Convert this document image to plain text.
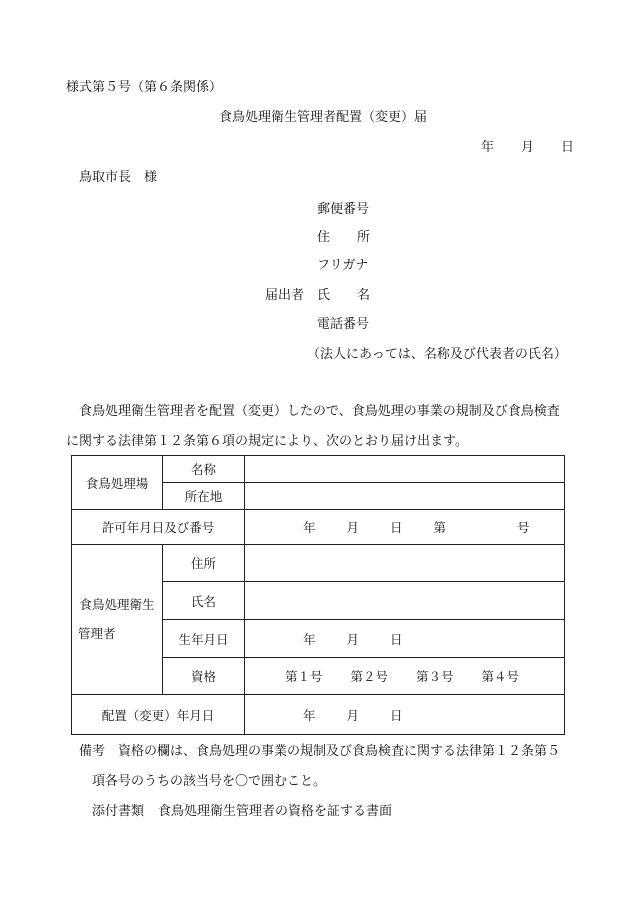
様式第５号（第６条関係）
食鳥処理衛生管理者配置（変更）届
年 月 日
鳥取市長　様
郵便番号
住 所
フリガナ
届出者 氏 名
電話番号
（法人にあっては、名称及び代表者の氏名）
食鳥処理衛生管理者を配置（変更）したので、食鳥処理の事業の規制及び食鳥検査
に関する法律第１２条第６項の規定により、次のとおり届け出ます。
食鳥処理場	名称	
	所在地	
許可年月日及び番号		年 月 日 第 号
食鳥処理衛生
管理者	住所	
	氏名	
	生年月日	年 月 日
	資格	第１号 第２号 第３号 第４号
配置（変更）年月日		年 月 日
備考 資格の欄は、食鳥処理の事業の規制及び食鳥検査に関する法律第１２条第５
項各号のうちの該当号を〇で囲むこと。
添付書類 食鳥処理衛生管理者の資格を証する書面
